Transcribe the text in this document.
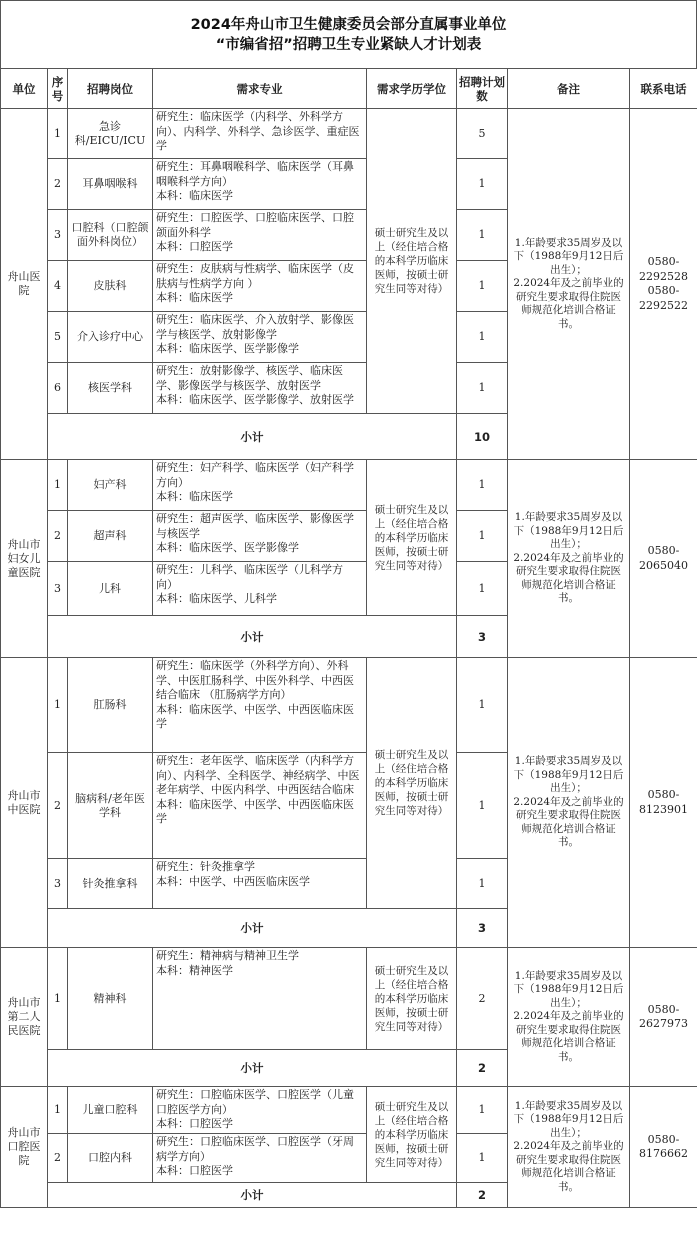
2024年舟山市卫生健康委员会部分直属事业单位
“市编省招”招聘卫生专业紧缺人才计划表
单位	序号	招聘岗位	需求专业	需求学历学位	招聘计划数	备注	联系电话
舟山医院	1	急诊科/EICU/ICU	研究生：临床医学（内科学、外科学方向）、内科学、外科学、急诊医学、重症医学	硕士研究生及以上（经住培合格的本科学历临床医师，按硕士研究生同等对待）	5	1.年龄要求35周岁及以下（1988年9月12日后出生）；
2.2024年及之前毕业的研究生要求取得住院医师规范化培训合格证书。	0580-2292528
0580-2292522
	2	耳鼻咽喉科	研究生：耳鼻咽喉科学、临床医学（耳鼻咽喉科学方向）
本科：临床医学		1		
	3	口腔科（口腔颌面外科岗位）	研究生：口腔医学、口腔临床医学、口腔颌面外科学
本科：口腔医学		1		
	4	皮肤科	研究生：皮肤病与性病学、临床医学（皮肤病与性病学方向 ）
本科：临床医学		1		
	5	介入诊疗中心	研究生：临床医学、介入放射学、影像医学与核医学、放射影像学
本科：临床医学、医学影像学		1		
	6	核医学科	研究生：放射影像学、核医学、临床医学、影像医学与核医学、放射医学
本科：临床医学、医学影像学、放射医学		1		
	小计				10		
舟山市妇女儿童医院	1	妇产科	研究生：妇产科学、临床医学（妇产科学方向）
本科：临床医学	硕士研究生及以上（经住培合格的本科学历临床医师，按硕士研究生同等对待）	1	1.年龄要求35周岁及以下（1988年9月12日后出生）；
2.2024年及之前毕业的研究生要求取得住院医师规范化培训合格证书。	0580-2065040
	2	超声科	研究生：超声医学、临床医学、影像医学与核医学
本科：临床医学、医学影像学		1		
	3	儿科	研究生：儿科学、临床医学（儿科学方向）
本科：临床医学、儿科学		1		
	小计				3		
舟山市中医院	1	肛肠科	研究生：临床医学（外科学方向）、外科学、中医肛肠科学、中医外科学、中西医结合临床 （肛肠病学方向）
本科：临床医学、中医学、中西医临床医学	硕士研究生及以上（经住培合格的本科学历临床医师，按硕士研究生同等对待）	1	1.年龄要求35周岁及以下（1988年9月12日后出生）；
2.2024年及之前毕业的研究生要求取得住院医师规范化培训合格证书。	0580-8123901
	2	脑病科/老年医学科	研究生：老年医学、临床医学（内科学方向）、内科学、全科医学、神经病学、中医老年病学、中医内科学、中西医结合临床
本科：临床医学、中医学、中西医临床医学		1		
	3	针灸推拿科	研究生：针灸推拿学
本科：中医学、中西医临床医学		1		
	小计				3		
舟山市第二人民医院	1	精神科	研究生：精神病与精神卫生学
本科：精神医学	硕士研究生及以上（经住培合格的本科学历临床医师，按硕士研究生同等对待）	2	1.年龄要求35周岁及以下（1988年9月12日后出生）；
2.2024年及之前毕业的研究生要求取得住院医师规范化培训合格证书。	0580-2627973
	小计				2		
舟山市口腔医院	1	儿童口腔科	研究生：口腔临床医学、口腔医学（儿童口腔医学方向）
本科：口腔医学	硕士研究生及以上（经住培合格的本科学历临床医师，按硕士研究生同等对待）	1	1.年龄要求35周岁及以下（1988年9月12日后出生）；
2.2024年及之前毕业的研究生要求取得住院医师规范化培训合格证书。	0580-8176662
	2	口腔内科	研究生：口腔临床医学、口腔医学（牙周病学方向）
本科：口腔医学		1		
	小计				2		
